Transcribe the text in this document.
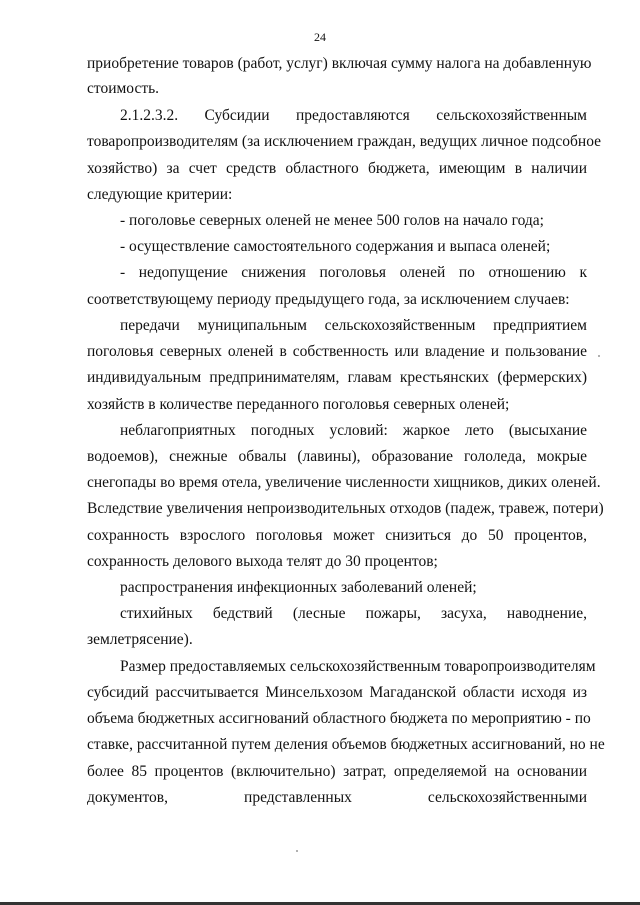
24
приобретение товаров (работ, услуг) включая сумму налога на добавленную
стоимость.
2.1.2.3.2. Субсидии предоставляются сельскохозяйственным
товаропроизводителям (за исключением граждан, ведущих личное подсобное
хозяйство) за счет средств областного бюджета, имеющим в наличии
следующие критерии:
- поголовье северных оленей не менее 500 голов на начало года;
- осуществление самостоятельного содержания и выпаса оленей;
- недопущение снижения поголовья оленей по отношению к
соответствующему периоду предыдущего года, за исключением случаев:
передачи муниципальным сельскохозяйственным предприятием
поголовья северных оленей в собственность или владение и пользование
индивидуальным предпринимателям, главам крестьянских (фермерских)
хозяйств в количестве переданного поголовья северных оленей;
неблагоприятных погодных условий: жаркое лето (высыхание
водоемов), снежные обвалы (лавины), образование гололеда, мокрые
снегопады во время отела, увеличение численности хищников, диких оленей.
Вследствие увеличения непроизводительных отходов (падеж, травеж, потери)
сохранность взрослого поголовья может снизиться до 50 процентов,
сохранность делового выхода телят до 30 процентов;
распространения инфекционных заболеваний оленей;
стихийных бедствий (лесные пожары, засуха, наводнение,
землетрясение).
Размер предоставляемых сельскохозяйственным товаропроизводителям
субсидий рассчитывается Минсельхозом Магаданской области исходя из
объема бюджетных ассигнований областного бюджета по мероприятию - по
ставке, рассчитанной путем деления объемов бюджетных ассигнований, но не
более 85 процентов (включительно) затрат, определяемой на основании
документов, представленных сельскохозяйственными
